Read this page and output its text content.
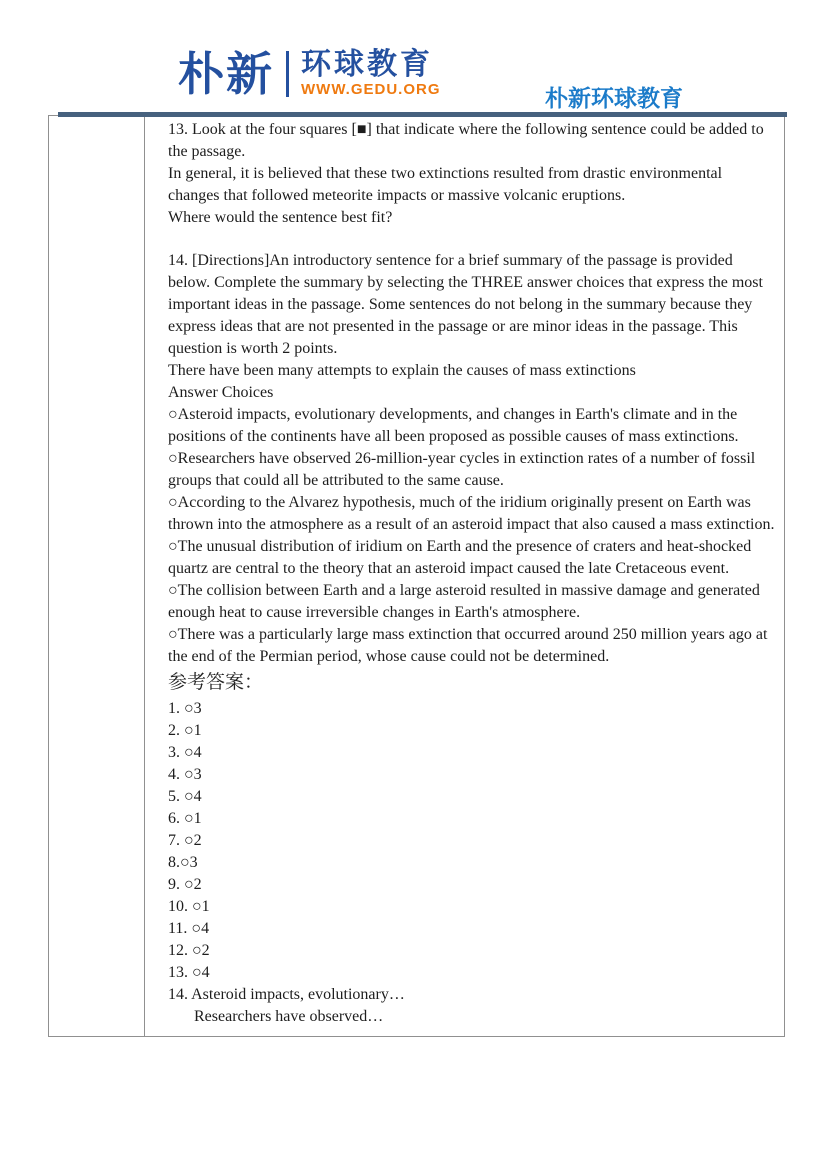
朴新 环球教育
WWW.GEDU.ORG	朴新环球教育

13. Look at the four squares [■] that indicate where the following sentence could be added to the passage.

In general, it is believed that these two extinctions resulted from drastic environmental changes that followed meteorite impacts or massive volcanic eruptions.

Where would the sentence best fit?

14. [Directions]An introductory sentence for a brief summary of the passage is provided below. Complete the summary by selecting the THREE answer choices that express the most important ideas in the passage. Some sentences do not belong in the summary because they express ideas that are not presented in the passage or are minor ideas in the passage. This question is worth 2 points.

There have been many attempts to explain the causes of mass extinctions

Answer Choices

○Asteroid impacts, evolutionary developments, and changes in Earth's climate and in the positions of the continents have all been proposed as possible causes of mass extinctions.

○Researchers have observed 26-million-year cycles in extinction rates of a number of fossil groups that could all be attributed to the same cause.

○According to the Alvarez hypothesis, much of the iridium originally present on Earth was thrown into the atmosphere as a result of an asteroid impact that also caused a mass extinction.

○The unusual distribution of iridium on Earth and the presence of craters and heat-shocked quartz are central to the theory that an asteroid impact caused the late Cretaceous event.

○The collision between Earth and a large asteroid resulted in massive damage and generated enough heat to cause irreversible changes in Earth's atmosphere.

○There was a particularly large mass extinction that occurred around 250 million years ago at the end of the Permian period, whose cause could not be determined.

参考答案：
1. ○3
2. ○1
3. ○4
4. ○3
5. ○4
6. ○1
7. ○2
8.○3
9. ○2
10. ○1
11. ○4
12. ○2
13. ○4
14. Asteroid impacts, evolutionary…
Researchers have observed…
